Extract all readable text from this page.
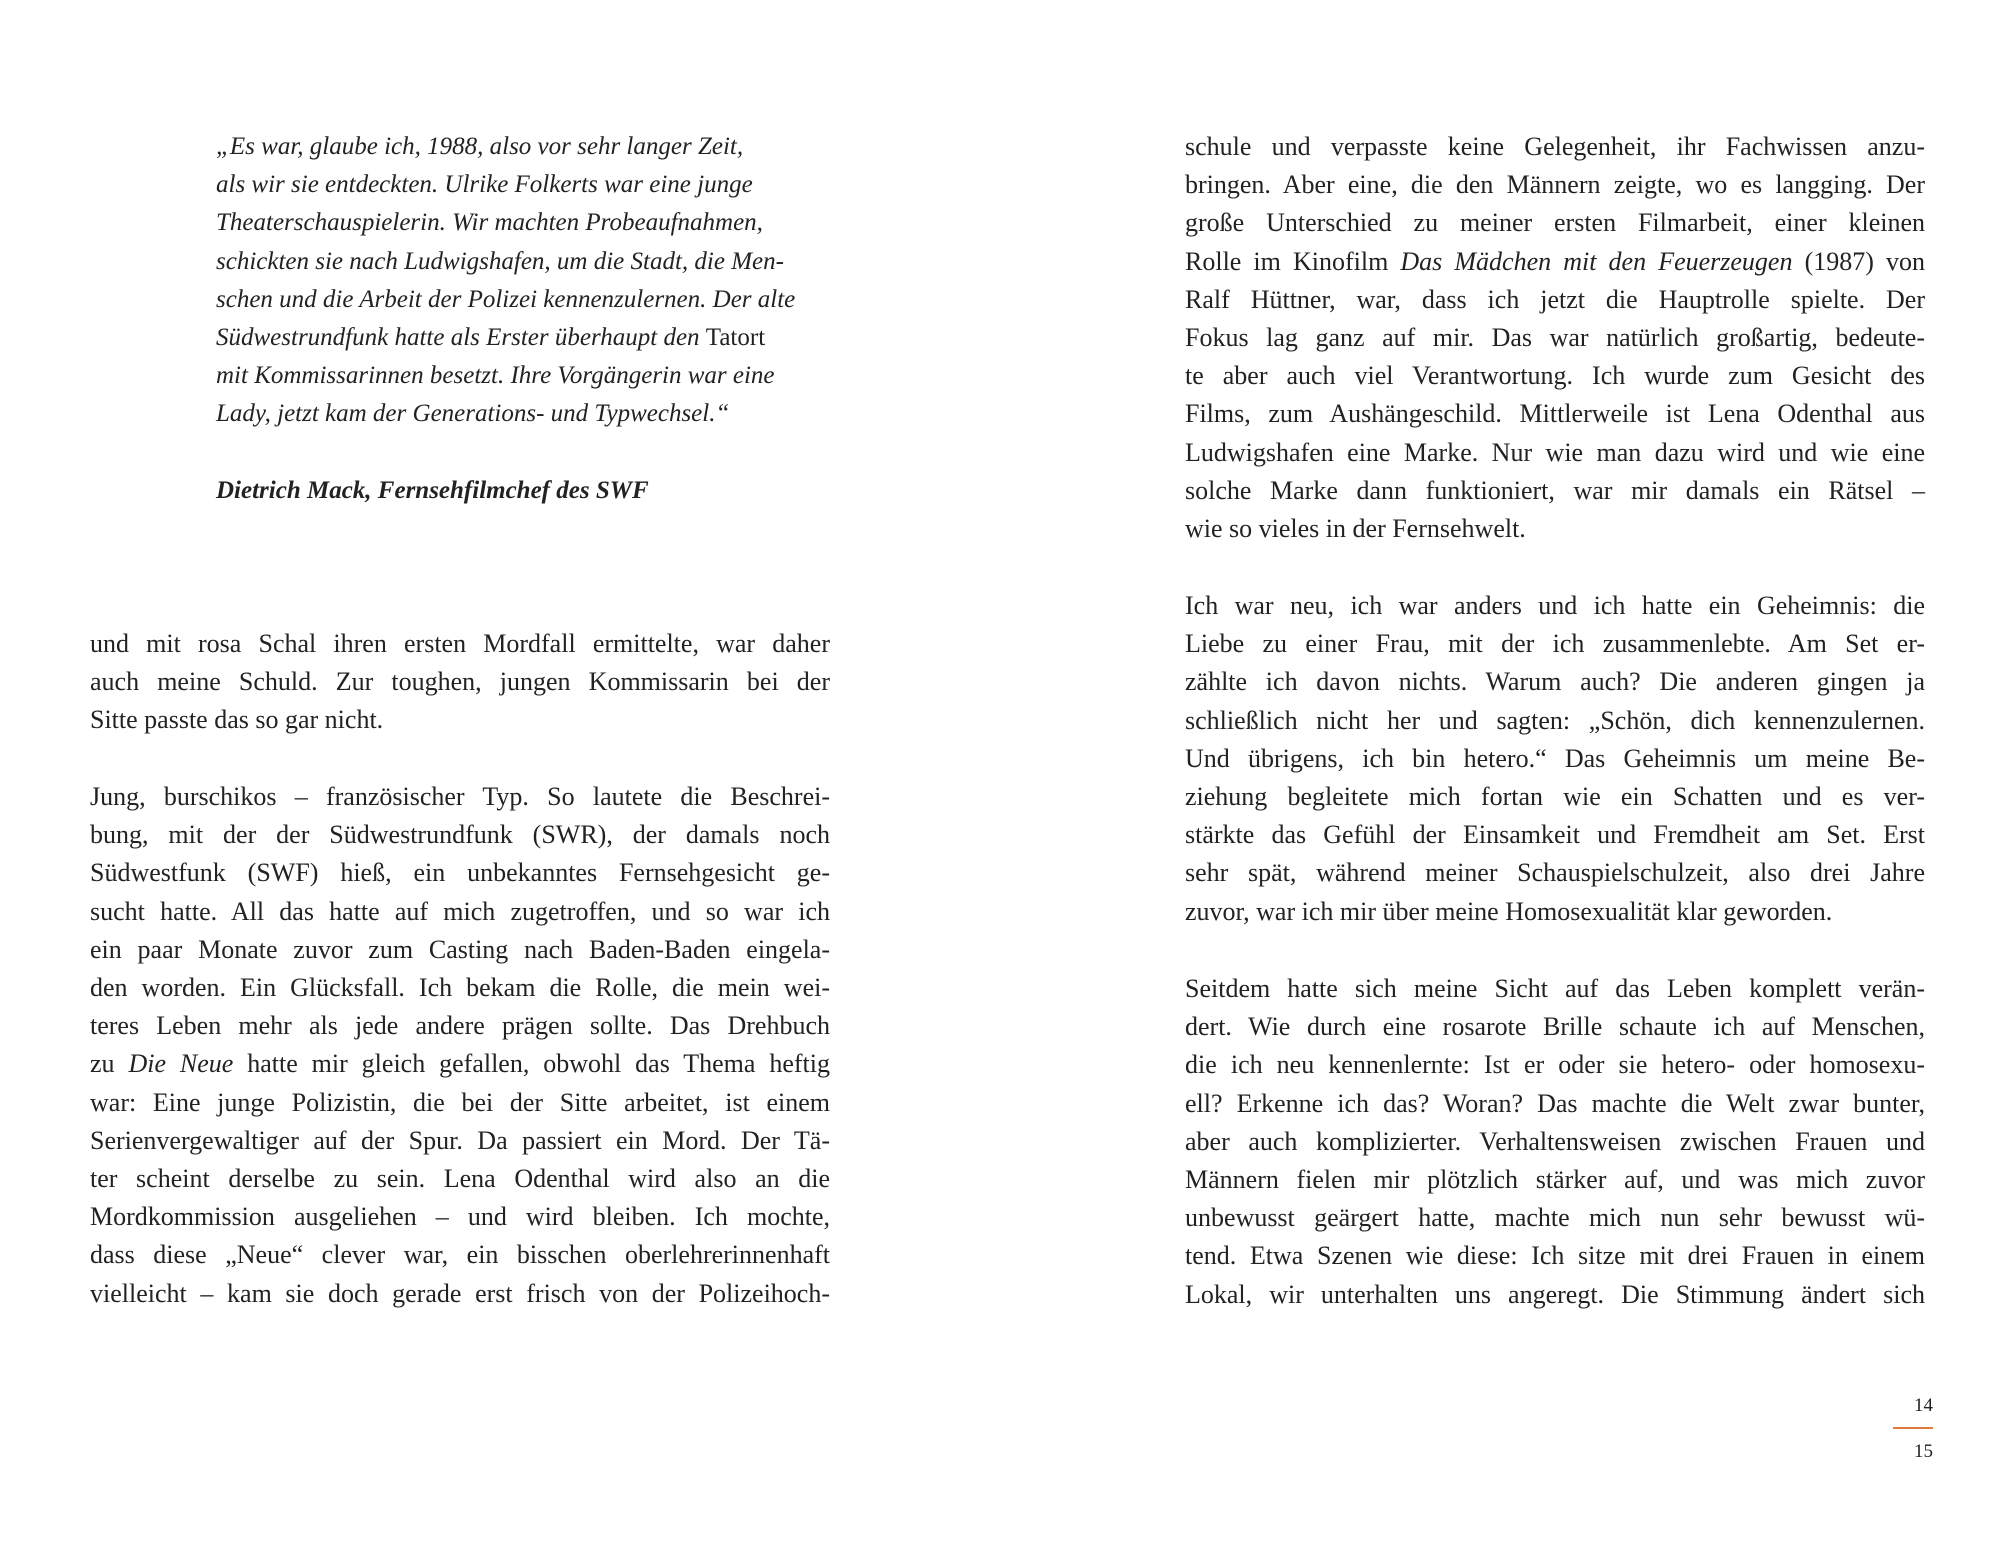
„Es war, glaube ich, 1988, also vor sehr langer Zeit,
als wir sie entdeckten. Ulrike Folkerts war eine junge
Theaterschauspielerin. Wir machten Probeaufnahmen,
schickten sie nach Ludwigshafen, um die Stadt, die Men-
schen und die Arbeit der Polizei kennenzulernen. Der alte
Südwestrundfunk hatte als Erster überhaupt den Tatort
mit Kommissarinnen besetzt. Ihre Vorgängerin war eine
Lady, jetzt kam der Generations- und Typwechsel.“
Dietrich Mack, Fernsehfilmchef des SWF
und mit rosa Schal ihren ersten Mordfall ermittelte, war daher
auch meine Schuld. Zur toughen, jungen Kommissarin bei der
Sitte passte das so gar nicht.
Jung, burschikos – französischer Typ. So lautete die Beschrei-
bung, mit der der Südwestrundfunk (SWR), der damals noch
Südwestfunk (SWF) hieß, ein unbekanntes Fernsehgesicht ge-
sucht hatte. All das hatte auf mich zugetroffen, und so war ich
ein paar Monate zuvor zum Casting nach Baden-Baden eingela-
den worden. Ein Glücksfall. Ich bekam die Rolle, die mein wei-
teres Leben mehr als jede andere prägen sollte. Das Drehbuch
zu Die Neue hatte mir gleich gefallen, obwohl das Thema heftig
war: Eine junge Polizistin, die bei der Sitte arbeitet, ist einem
Serienvergewaltiger auf der Spur. Da passiert ein Mord. Der Tä-
ter scheint derselbe zu sein. Lena Odenthal wird also an die
Mordkommission ausgeliehen – und wird bleiben. Ich mochte,
dass diese „Neue“ clever war, ein bisschen oberlehrerinnenhaft
vielleicht – kam sie doch gerade erst frisch von der Polizeihoch-
schule und verpasste keine Gelegenheit, ihr Fachwissen anzu-
bringen. Aber eine, die den Männern zeigte, wo es langging. Der
große Unterschied zu meiner ersten Filmarbeit, einer kleinen
Rolle im Kinofilm Das Mädchen mit den Feuerzeugen (1987) von
Ralf Hüttner, war, dass ich jetzt die Hauptrolle spielte. Der
Fokus lag ganz auf mir. Das war natürlich großartig, bedeute-
te aber auch viel Verantwortung. Ich wurde zum Gesicht des
Films, zum Aushängeschild. Mittlerweile ist Lena Odenthal aus
Ludwigshafen eine Marke. Nur wie man dazu wird und wie eine
solche Marke dann funktioniert, war mir damals ein Rätsel –
wie so vieles in der Fernsehwelt.
Ich war neu, ich war anders und ich hatte ein Geheimnis: die
Liebe zu einer Frau, mit der ich zusammenlebte. Am Set er-
zählte ich davon nichts. Warum auch? Die anderen gingen ja
schließlich nicht her und sagten: „Schön, dich kennenzulernen.
Und übrigens, ich bin hetero.“ Das Geheimnis um meine Be-
ziehung begleitete mich fortan wie ein Schatten und es ver-
stärkte das Gefühl der Einsamkeit und Fremdheit am Set. Erst
sehr spät, während meiner Schauspielschulzeit, also drei Jahre
zuvor, war ich mir über meine Homosexualität klar geworden.
Seitdem hatte sich meine Sicht auf das Leben komplett verän-
dert. Wie durch eine rosarote Brille schaute ich auf Menschen,
die ich neu kennenlernte: Ist er oder sie hetero- oder homosexu-
ell? Erkenne ich das? Woran? Das machte die Welt zwar bunter,
aber auch komplizierter. Verhaltensweisen zwischen Frauen und
Männern fielen mir plötzlich stärker auf, und was mich zuvor
unbewusst geärgert hatte, machte mich nun sehr bewusst wü-
tend. Etwa Szenen wie diese: Ich sitze mit drei Frauen in einem
Lokal, wir unterhalten uns angeregt. Die Stimmung ändert sich
14
15
